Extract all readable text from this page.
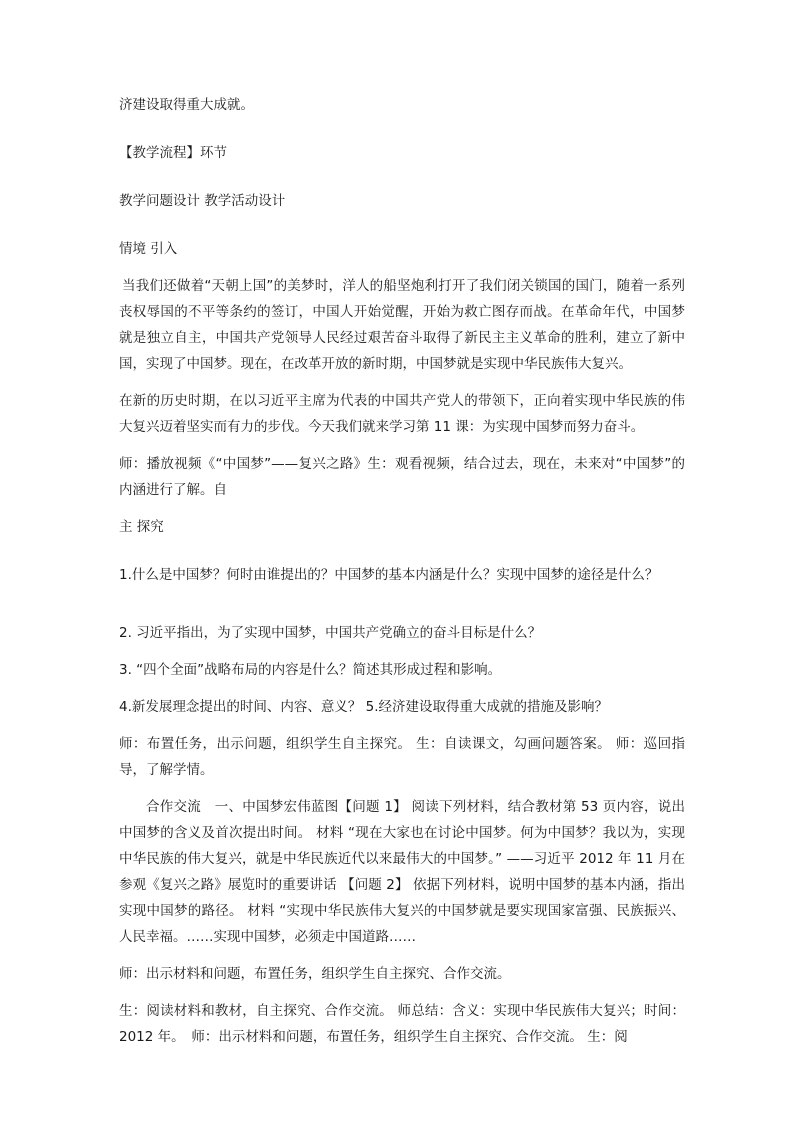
济建设取得重大成就。

【教学流程】环节

教学问题设计 教学活动设计

情境 引入

当我们还做着“天朝上国”的美梦时，洋人的船坚炮利打开了我们闭关锁国的国门，随着一系列丧权辱国的不平等条约的签订，中国人开始觉醒，开始为救亡图存而战。在革命年代，中国梦就是独立自主，中国共产党领导人民经过艰苦奋斗取得了新民主主义革命的胜利，建立了新中国，实现了中国梦。现在，在改革开放的新时期，中国梦就是实现中华民族伟大复兴。

在新的历史时期，在以习近平主席为代表的中国共产党人的带领下，正向着实现中华民族的伟大复兴迈着坚实而有力的步伐。今天我们就来学习第 11 课：为实现中国梦而努力奋斗。

师：播放视频《“中国梦”——复兴之路》生：观看视频，结合过去，现在，未来对“中国梦”的内涵进行了解。自

主 探究

1.什么是中国梦？何时由谁提出的？中国梦的基本内涵是什么？实现中国梦的途径是什么？

2. 习近平指出，为了实现中国梦，中国共产党确立的奋斗目标是什么？

3. “四个全面”战略布局的内容是什么？简述其形成过程和影响。

4.新发展理念提出的时间、内容、意义？ 5.经济建设取得重大成就的措施及影响？

师：布置任务，出示问题，组织学生自主探究。 生：自读课文，勾画问题答案。 师：巡回指导，了解学情。

合作交流　一、中国梦宏伟蓝图【问题 1】 阅读下列材料，结合教材第 53 页内容，说出中国梦的含义及首次提出时间。 材料 “现在大家也在讨论中国梦。何为中国梦？我以为，实现中华民族的伟大复兴，就是中华民族近代以来最伟大的中国梦。” ——习近平 2012 年 11 月在参观《复兴之路》展览时的重要讲话 【问题 2】 依据下列材料，说明中国梦的基本内涵，指出实现中国梦的路径。 材料 “实现中华民族伟大复兴的中国梦就是要实现国家富强、民族振兴、人民幸福。……实现中国梦，必须走中国道路……

师：出示材料和问题，布置任务，组织学生自主探究、合作交流。

生：阅读材料和教材，自主探究、合作交流。 师总结：含义：实现中华民族伟大复兴；时间：2012 年。　师：出示材料和问题，布置任务，组织学生自主探究、合作交流。 生：阅
